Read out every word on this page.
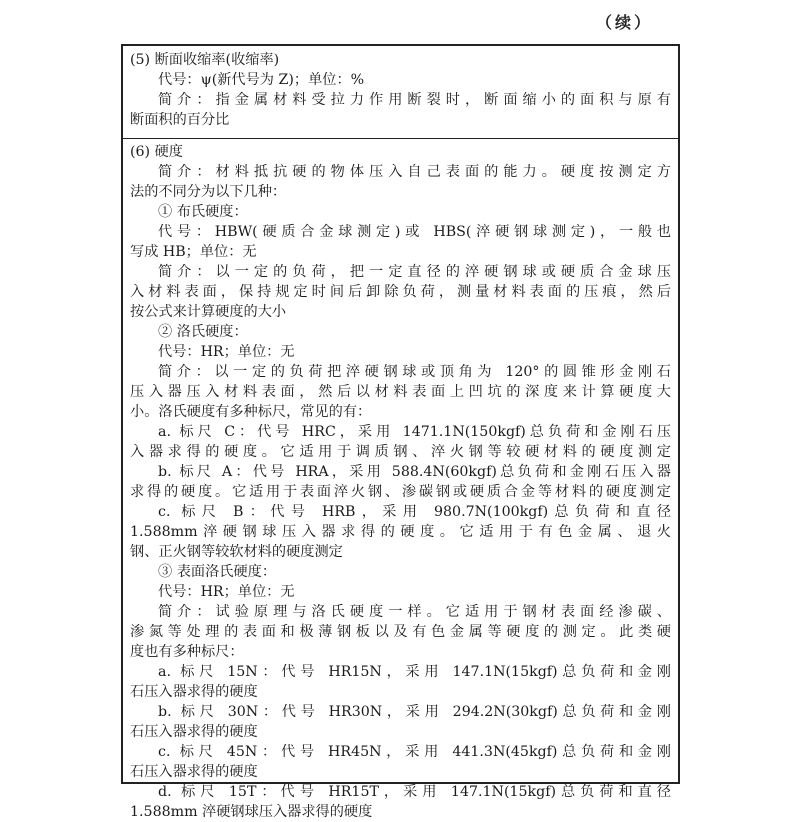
（续）
(5) 断面收缩率(收缩率)
代号：ψ(新代号为 Z)；单位：%
简介：指金属材料受拉力作用断裂时，断面缩小的面积与原有
断面积的百分比
(6) 硬度
简介：材料抵抗硬的物体压入自己表面的能力。硬度按测定方
法的不同分为以下几种：
① 布氏硬度：
代号：HBW(硬质合金球测定)或 HBS(淬硬钢球测定)，一般也
写成 HB；单位：无
简介：以一定的负荷，把一定直径的淬硬钢球或硬质合金球压
入材料表面，保持规定时间后卸除负荷，测量材料表面的压痕，然后
按公式来计算硬度的大小
② 洛氏硬度：
代号：HR；单位：无
简介：以一定的负荷把淬硬钢球或顶角为 120°的圆锥形金刚石
压入器压入材料表面，然后以材料表面上凹坑的深度来计算硬度大
小。洛氏硬度有多种标尺，常见的有：
a. 标尺 C：代号 HRC，采用 1471.1N(150kgf)总负荷和金刚石压
入器求得的硬度。它适用于调质钢、淬火钢等较硬材料的硬度测定
b. 标尺 A：代号 HRA，采用 588.4N(60kgf)总负荷和金刚石压入器
求得的硬度。它适用于表面淬火钢、渗碳钢或硬质合金等材料的硬度测定
c. 标尺 B：代号 HRB，采用 980.7N(100kgf)总负荷和直径
1.588mm淬硬钢球压入器求得的硬度。它适用于有色金属、退火
钢、正火钢等较软材料的硬度测定
③ 表面洛氏硬度：
代号：HR；单位：无
简介：试验原理与洛氏硬度一样。它适用于钢材表面经渗碳、
渗氮等处理的表面和极薄钢板以及有色金属等硬度的测定。此类硬
度也有多种标尺：
a. 标尺 15N：代号 HR15N，采用 147.1N(15kgf)总负荷和金刚
石压入器求得的硬度
b. 标尺 30N：代号 HR30N，采用 294.2N(30kgf)总负荷和金刚
石压入器求得的硬度
c. 标尺 45N：代号 HR45N，采用 441.3N(45kgf)总负荷和金刚
石压入器求得的硬度
d. 标尺 15T：代号 HR15T，采用 147.1N(15kgf)总负荷和直径
1.588mm 淬硬钢球压入器求得的硬度
